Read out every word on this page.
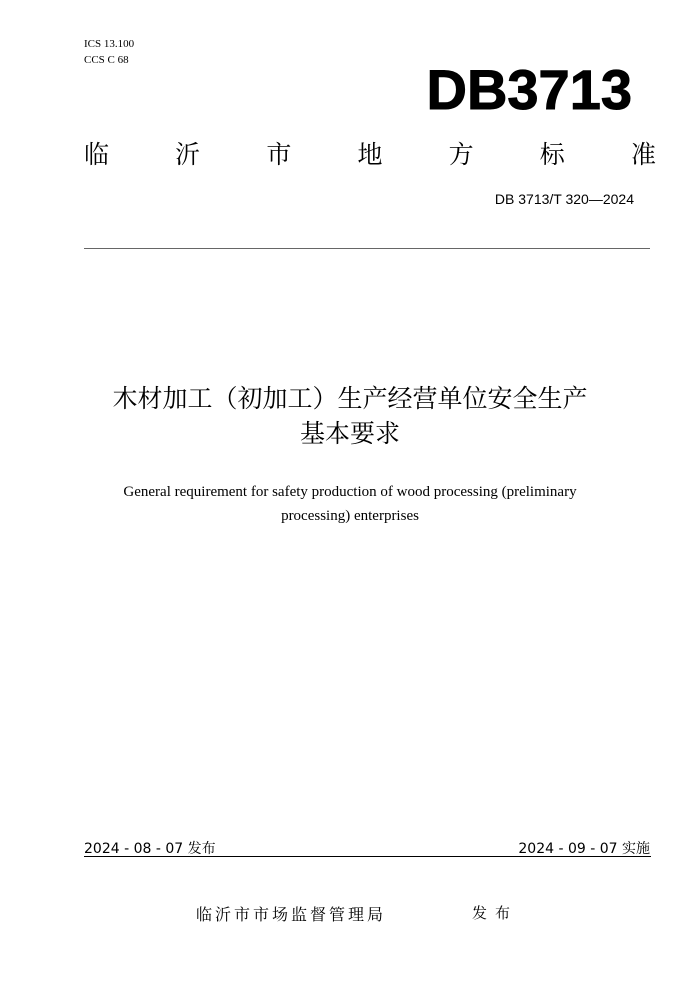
ICS 13.100
CCS C 68	DB3713
临	沂	市	地	方	标	准
DB 3713/T 320—2024
木材加工（初加工）生产经营单位安全生产
基本要求
General requirement for safety production of wood processing (preliminary
processing) enterprises
2024 - 08 - 07 发布	2024 - 09 - 07 实施
临沂市市场监督管理局	发布
